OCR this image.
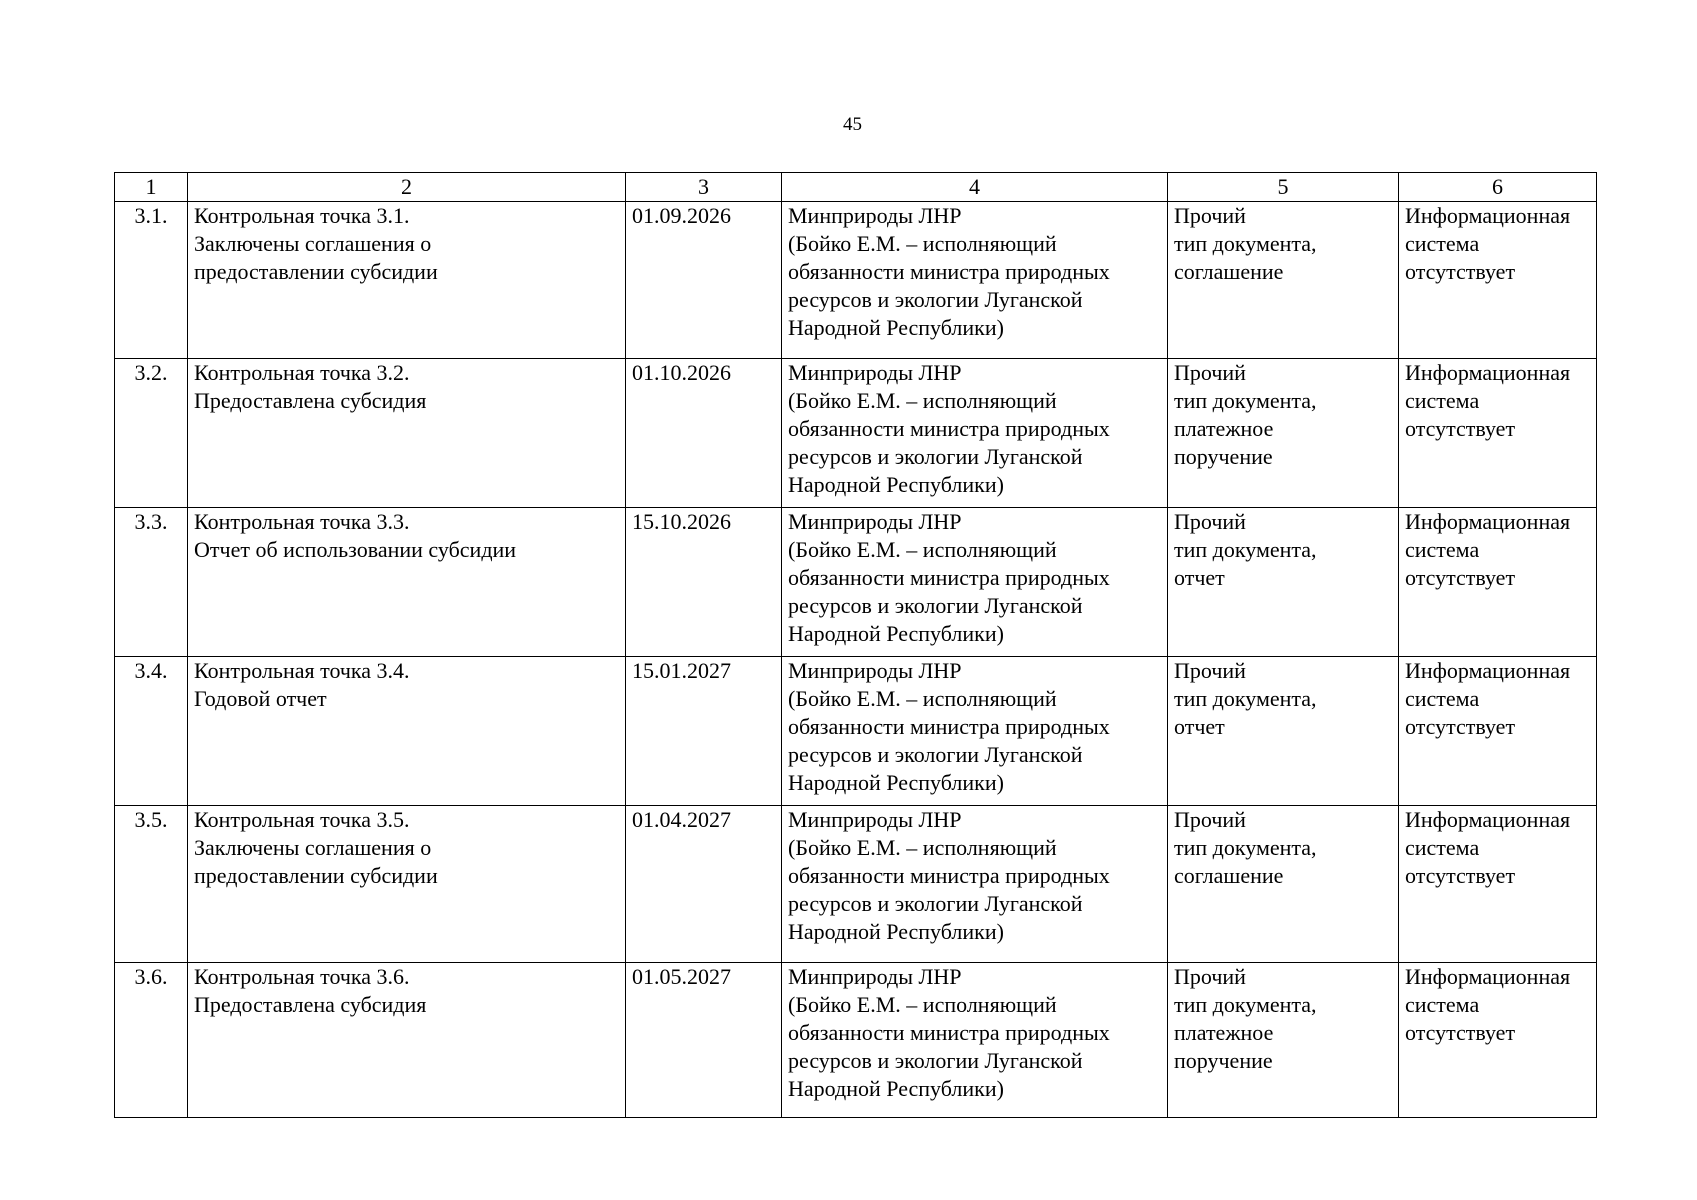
45
1	2	3	4	5	6
3.1.	Контрольная точка 3.1.
Заключены соглашения о
предоставлении субсидии	01.09.2026	Минприроды ЛНР
(Бойко Е.М. – исполняющий
обязанности министра природных
ресурсов и экологии Луганской
Народной Республики)	Прочий
тип документа,
соглашение	Информационная
система
отсутствует

3.2.	Контрольная точка 3.2.
Предоставлена субсидия	01.10.2026	Минприроды ЛНР
(Бойко Е.М. – исполняющий
обязанности министра природных
ресурсов и экологии Луганской
Народной Республики)	Прочий
тип документа,
платежное
поручение	Информационная
система
отсутствует

3.3.	Контрольная точка 3.3.
Отчет об использовании субсидии	15.10.2026	Минприроды ЛНР
(Бойко Е.М. – исполняющий
обязанности министра природных
ресурсов и экологии Луганской
Народной Республики)	Прочий
тип документа,
отчет	Информационная
система
отсутствует

3.4.	Контрольная точка 3.4.
Годовой отчет	15.01.2027	Минприроды ЛНР
(Бойко Е.М. – исполняющий
обязанности министра природных
ресурсов и экологии Луганской
Народной Республики)	Прочий
тип документа,
отчет	Информационная
система
отсутствует

3.5.	Контрольная точка 3.5.
Заключены соглашения о
предоставлении субсидии	01.04.2027	Минприроды ЛНР
(Бойко Е.М. – исполняющий
обязанности министра природных
ресурсов и экологии Луганской
Народной Республики)	Прочий
тип документа,
соглашение	Информационная
система
отсутствует

3.6.	Контрольная точка 3.6.
Предоставлена субсидия	01.05.2027	Минприроды ЛНР
(Бойко Е.М. – исполняющий
обязанности министра природных
ресурсов и экологии Луганской
Народной Республики)	Прочий
тип документа,
платежное
поручение	Информационная
система
отсутствует
